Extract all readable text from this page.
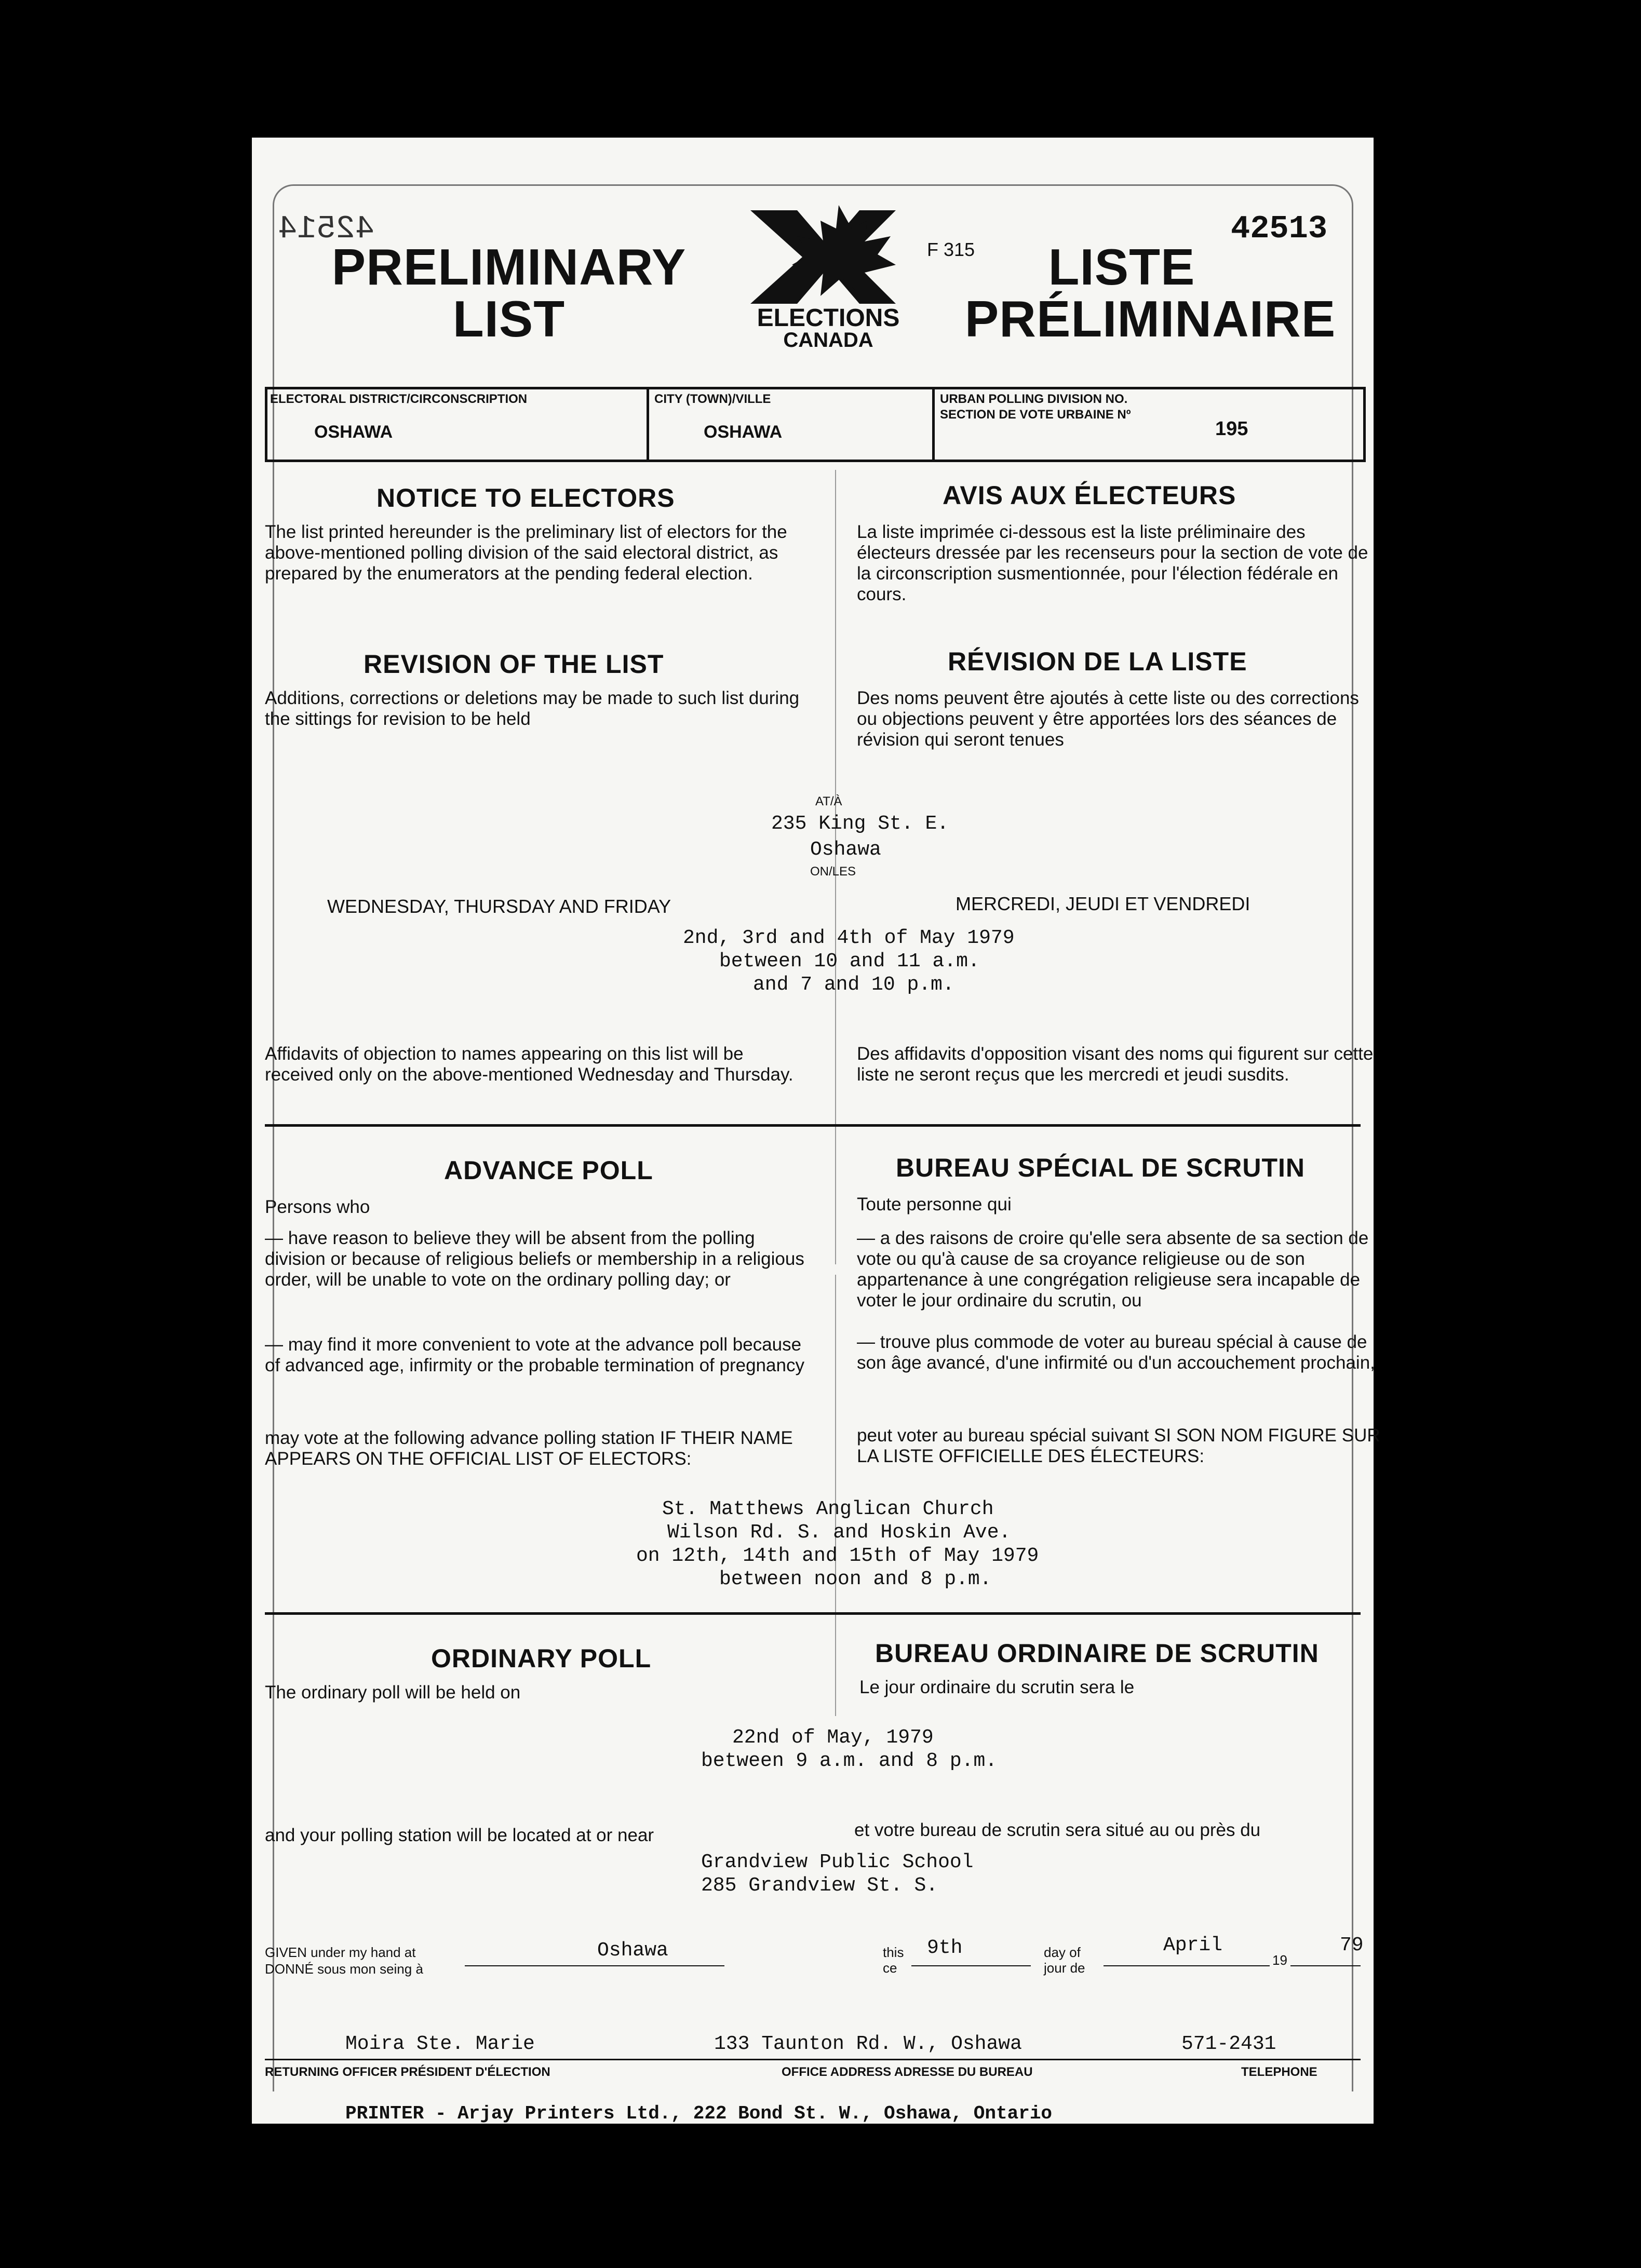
42514	42513
F 315
PRELIMINARY
LIST
LISTE
PRÉLIMINAIRE
ELECTIONS
CANADA
ELECTORAL DISTRICT/CIRCONSCRIPTION
OSHAWA
CITY (TOWN)/VILLE
OSHAWA
URBAN POLLING DIVISION NO.
SECTION DE VOTE URBAINE Nº
195
NOTICE TO ELECTORS
The list printed hereunder is the preliminary list of electors for the above-mentioned polling division of the said electoral district, as prepared by the enumerators at the pending federal election.
AVIS AUX ÉLECTEURS
La liste imprimée ci-dessous est la liste préliminaire des électeurs dressée par les recenseurs pour la section de vote de la circonscription susmentionnée, pour l'élection fédérale en cours.
REVISION OF THE LIST
Additions, corrections or deletions may be made to such list during the sittings for revision to be held
RÉVISION DE LA LISTE
Des noms peuvent être ajoutés à cette liste ou des corrections ou objections peuvent y être apportées lors des séances de révision qui seront tenues
AT/À
235 King St. E.
Oshawa
ON/LES
WEDNESDAY, THURSDAY AND FRIDAY	MERCREDI, JEUDI ET VENDREDI
2nd, 3rd and 4th of May 1979
between 10 and 11 a.m.
and 7 and 10 p.m.
Affidavits of objection to names appearing on this list will be received only on the above-mentioned Wednesday and Thursday.
Des affidavits d'opposition visant des noms qui figurent sur cette liste ne seront reçus que les mercredi et jeudi susdits.
ADVANCE POLL	BUREAU SPÉCIAL DE SCRUTIN
Persons who	Toute personne qui
— have reason to believe they will be absent from the polling division or because of religious beliefs or membership in a religious order, will be unable to vote on the ordinary polling day; or
— may find it more convenient to vote at the advance poll because of advanced age, infirmity or the probable termination of pregnancy
— a des raisons de croire qu'elle sera absente de sa section de vote ou qu'à cause de sa croyance religieuse ou de son appartenance à une congrégation religieuse sera incapable de voter le jour ordinaire du scrutin, ou
— trouve plus commode de voter au bureau spécial à cause de son âge avancé, d'une infirmité ou d'un accouchement prochain,
may vote at the following advance polling station IF THEIR NAME APPEARS ON THE OFFICIAL LIST OF ELECTORS:
peut voter au bureau spécial suivant SI SON NOM FIGURE SUR LA LISTE OFFICIELLE DES ÉLECTEURS:
St. Matthews Anglican Church
Wilson Rd. S. and Hoskin Ave.
on 12th, 14th and 15th of May 1979
between noon and 8 p.m.
ORDINARY POLL	BUREAU ORDINAIRE DE SCRUTIN
The ordinary poll will be held on	Le jour ordinaire du scrutin sera le
22nd of May, 1979
between 9 a.m. and 8 p.m.
and your polling station will be located at or near	et votre bureau de scrutin sera situé au ou près du
Grandview Public School
285 Grandview St. S.
GIVEN under my hand at
DONNÉ sous mon seing à
Oshawa	this
ce
9th	day of
jour de
April
19
79
Moira Ste. Marie	133 Taunton Rd. W., Oshawa	571-2431
RETURNING OFFICER PRÉSIDENT D'ÉLECTION	OFFICE ADDRESS ADRESSE DU BUREAU	TELEPHONE
PRINTER - Arjay Printers Ltd., 222 Bond St. W., Oshawa, Ontario
